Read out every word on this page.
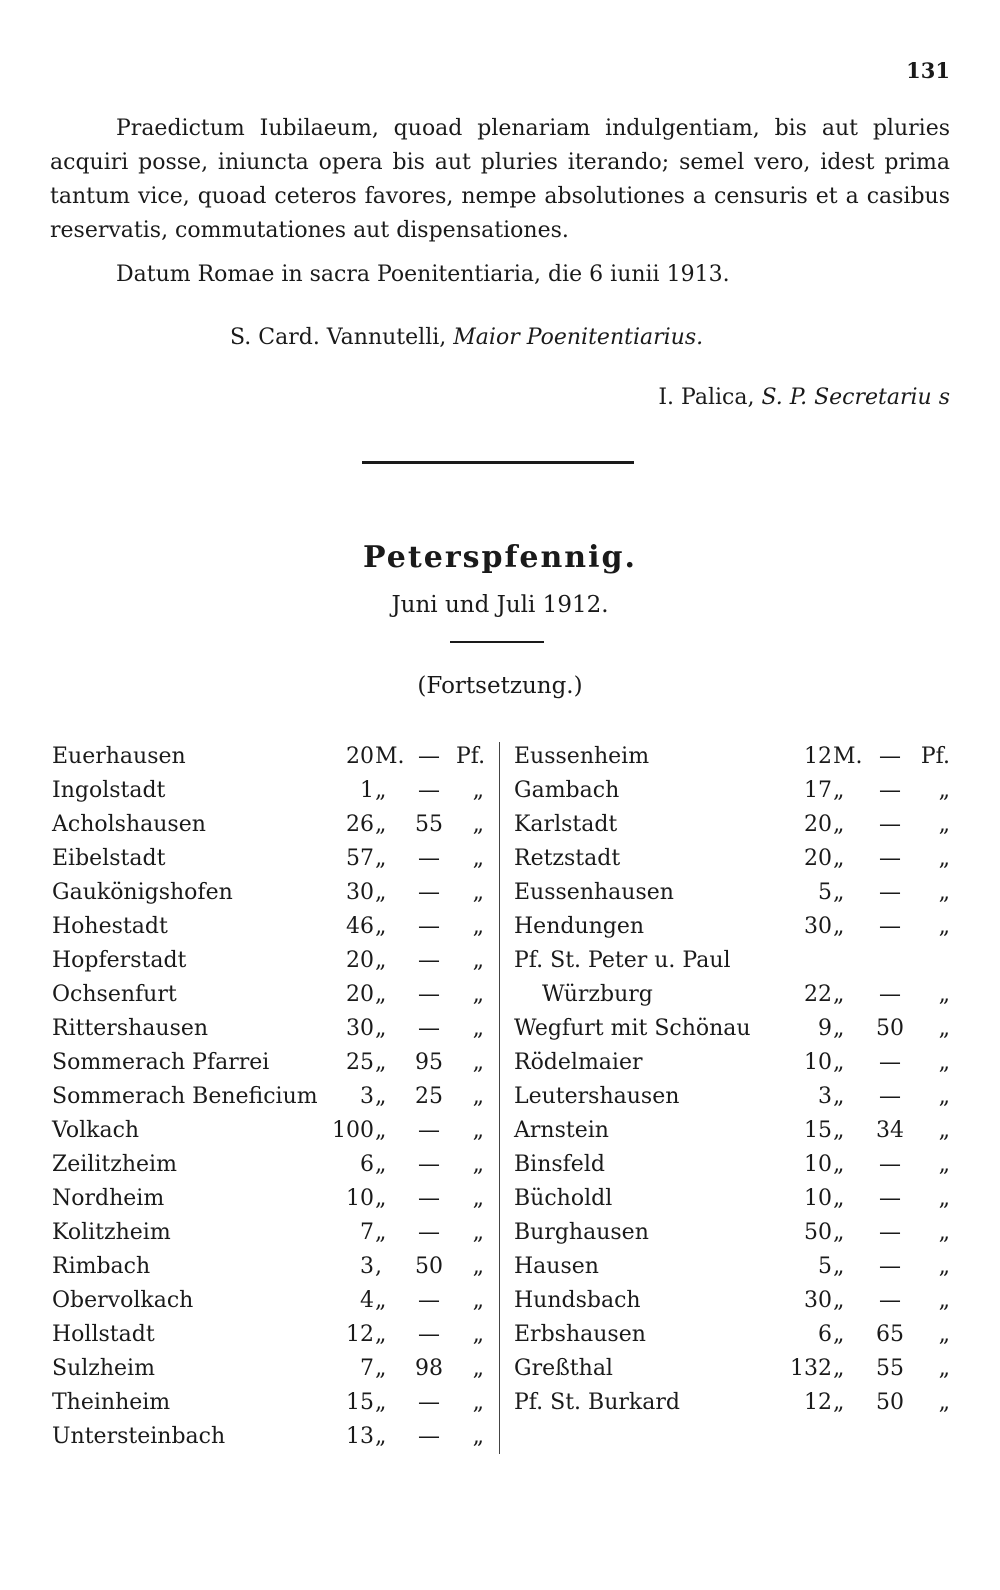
131

Praedictum Iubilaeum, quoad plenariam indulgentiam, bis aut pluries acquiri posse, iniuncta opera bis aut pluries iterando; semel vero, idest prima tantum vice, quoad ceteros favores, nempe absolutiones a censuris et a casibus reservatis, commutationes aut dispensationes.

Datum Romae in sacra Poenitentiaria, die 6 iunii 1913.

S. Card. Vannutelli, Maior Poenitentiarius.
I. Palica, S. P. Secretariu s
Peterspfennig.
Juni und Juli 1912.
(Fortsetzung.)
Euerhausen	20 M. — Pf.
Ingolstadt	1 „	—	„
Acholshausen	26 „	55	„
Eibelstadt	57 „	—	„
Gaukönigshofen	30 „	—	„
Hohestadt	46 „	—	„
Hopferstadt	20 „	—	„
Ochsenfurt	20 „	—	„
Rittershausen	30 „	—	„
Sommerach Pfarrei	25 „	95	„
Sommerach Beneficium	3 „	25	„
Volkach	100 „	—	„
Zeilitzheim	6 „	—	„
Nordheim	10 „	—	„
Kolitzheim	7 „	—	„
Rimbach	3 ,	50	„
Obervolkach	4 „	—	„
Hollstadt	12 „	—	„
Sulzheim	7 „	98	„
Theinheim	15 „	—	„
Untersteinbach	13 „	—	„
Eussenheim	12 M. — Pf.
Gambach	17 „	—	„
Karlstadt	20 „	—	„
Retzstadt	20 „	—	„
Eussenhausen	5 „	—	„
Hendungen	30 „	—	„
Pf. St. Peter u. Paul
Würzburg	22 „	—	„
Wegfurt mit Schönau	9 „	50	„
Rödelmaier	10 „	—	„
Leutershausen	3 „	—	„
Arnstein	15 „	34	„
Binsfeld	10 „	—	„
Bücholdl	10 „	—	„
Burghausen	50 „	—	„
Hausen	5 „	—	„
Hundsbach	30 „	—	„
Erbshausen	6 „	65	„
Greßthal	132 „	55	„
Pf. St. Burkard	12 „	50	„
